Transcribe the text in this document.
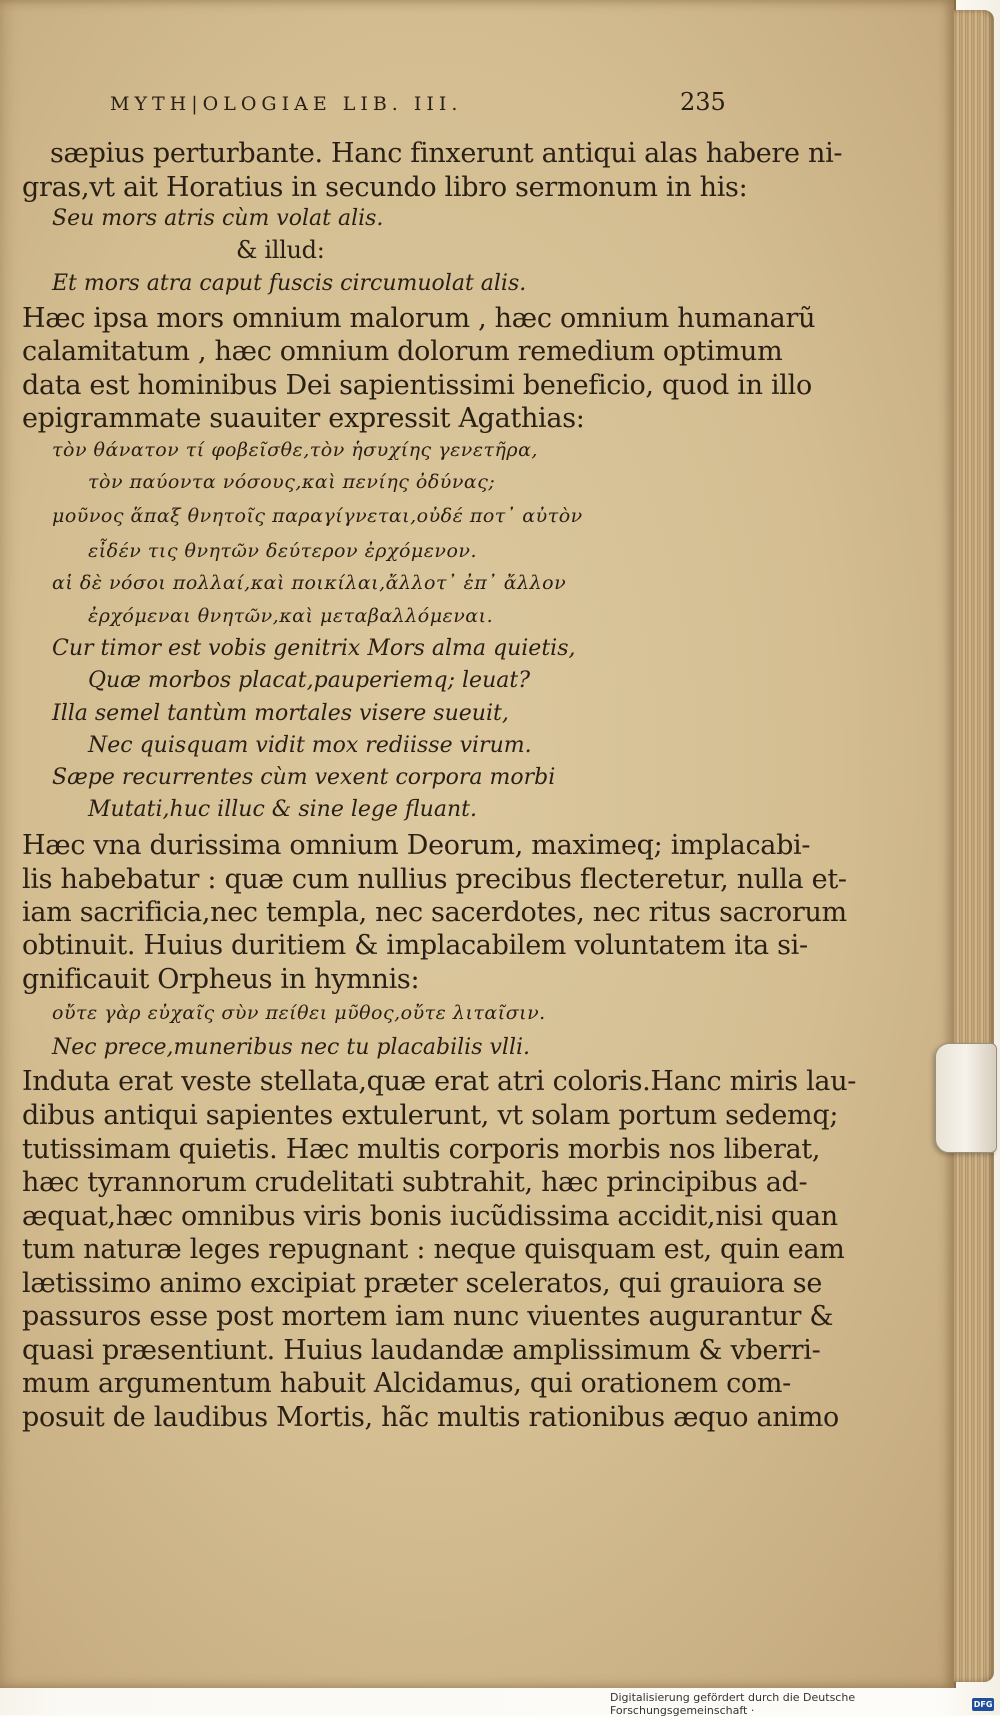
MYTH|OLOGIAE LIB. III.	235
sæpius perturbante. Hanc finxerunt antiqui alas habere ni-
gras,vt ait Horatius in secundo libro sermonum in his:
Seu mors atris cùm volat alis.
& illud:
Et mors atra caput fuscis circumuolat alis.
Hæc ipsa mors omnium malorum , hæc omnium humanarũ
calamitatum , hæc omnium dolorum remedium optimum
data est hominibus Dei sapientissimi beneficio, quod in illo
epigrammate suauiter expressit Agathias:
τὸν θάνατον τί φοβεῖσθε,τὸν ἡσυχίης γενετῆρα,
τὸν παύοντα νόσους,καὶ πενίης ὀδύνας;
μοῦνος ἅπαξ θνητοῖς παραγίγνεται,οὐδέ ποτ᾽ αὐτὸν
εἶδέν τις θνητῶν δεύτερον ἐρχόμενον.
αἱ δὲ νόσοι πολλαί,καὶ ποικίλαι,ἄλλοτ᾽ ἐπ᾽ ἄλλον
ἐρχόμεναι θνητῶν,καὶ μεταβαλλόμεναι.
Cur timor est vobis genitrix Mors alma quietis,
Quæ morbos placat,pauperiemq; leuat?
Illa semel tantùm mortales visere sueuit,
Nec quisquam vidit mox rediisse virum.
Sæpe recurrentes cùm vexent corpora morbi
Mutati,huc illuc & sine lege fluant.
Hæc vna durissima omnium Deorum, maximeq; implacabi-
lis habebatur : quæ cum nullius precibus flecteretur, nulla et-
iam sacrificia,nec templa, nec sacerdotes, nec ritus sacrorum
obtinuit. Huius duritiem & implacabilem voluntatem ita si-
gnificauit Orpheus in hymnis:
οὔτε γὰρ εὐχαῖς σὺν πείθει μῦθος,οὔτε λιταῖσιν.
Nec prece,muneribus nec tu placabilis vlli.
Induta erat veste stellata,quæ erat atri coloris.Hanc miris lau-
dibus antiqui sapientes extulerunt, vt solam portum sedemq;
tutissimam quietis. Hæc multis corporis morbis nos liberat,
hæc tyrannorum crudelitati subtrahit, hæc principibus ad-
æquat,hæc omnibus viris bonis iucũdissima accidit,nisi quan
tum naturæ leges repugnant : neque quisquam est, quin eam
lætissimo animo excipiat præter sceleratos, qui grauiora se
passuros esse post mortem iam nunc viuentes augurantur &
quasi præsentiunt. Huius laudandæ amplissimum & vberri-
mum argumentum habuit Alcidamus, qui orationem com-
posuit de laudibus Mortis, hãc multis rationibus æquo animo
Digitalisierung gefördert durch die Deutsche Forschungsgemeinschaft ·	DFG
